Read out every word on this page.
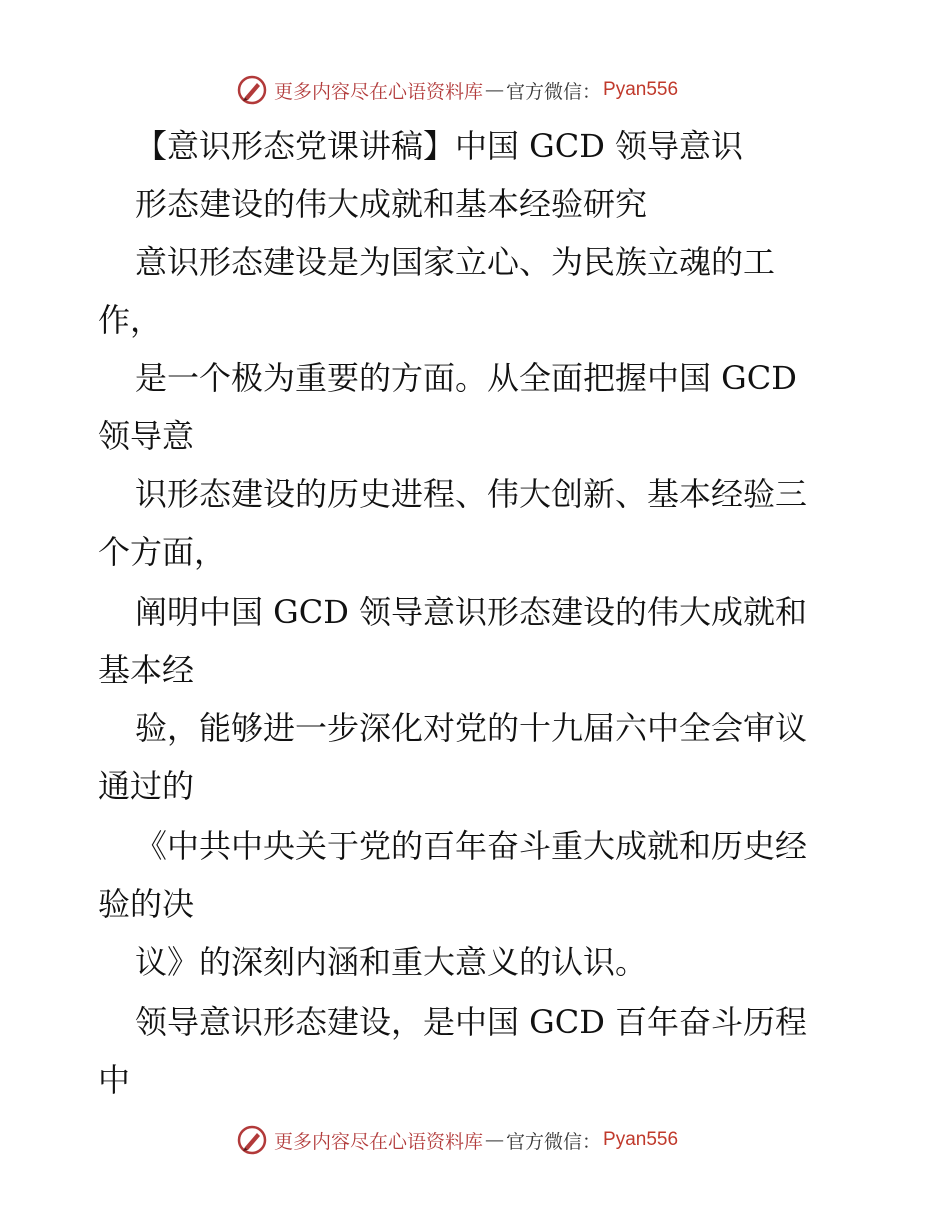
更多内容尽在心语资料库 — 官方微信： Pyan556
【意识形态党课讲稿】中国 GCD 领导意识
形态建设的伟大成就和基本经验研究
意识形态建设是为国家立心、为民族立魂的工
作，
是一个极为重要的方面。从全面把握中国 GCD
领导意
识形态建设的历史进程、伟大创新、基本经验三
个方面，
阐明中国 GCD 领导意识形态建设的伟大成就和
基本经
验，能够进一步深化对党的十九届六中全会审议
通过的
《中共中央关于党的百年奋斗重大成就和历史经
验的决
议》的深刻内涵和重大意义的认识。
领导意识形态建设，是中国 GCD 百年奋斗历程
中
更多内容尽在心语资料库 — 官方微信： Pyan556
